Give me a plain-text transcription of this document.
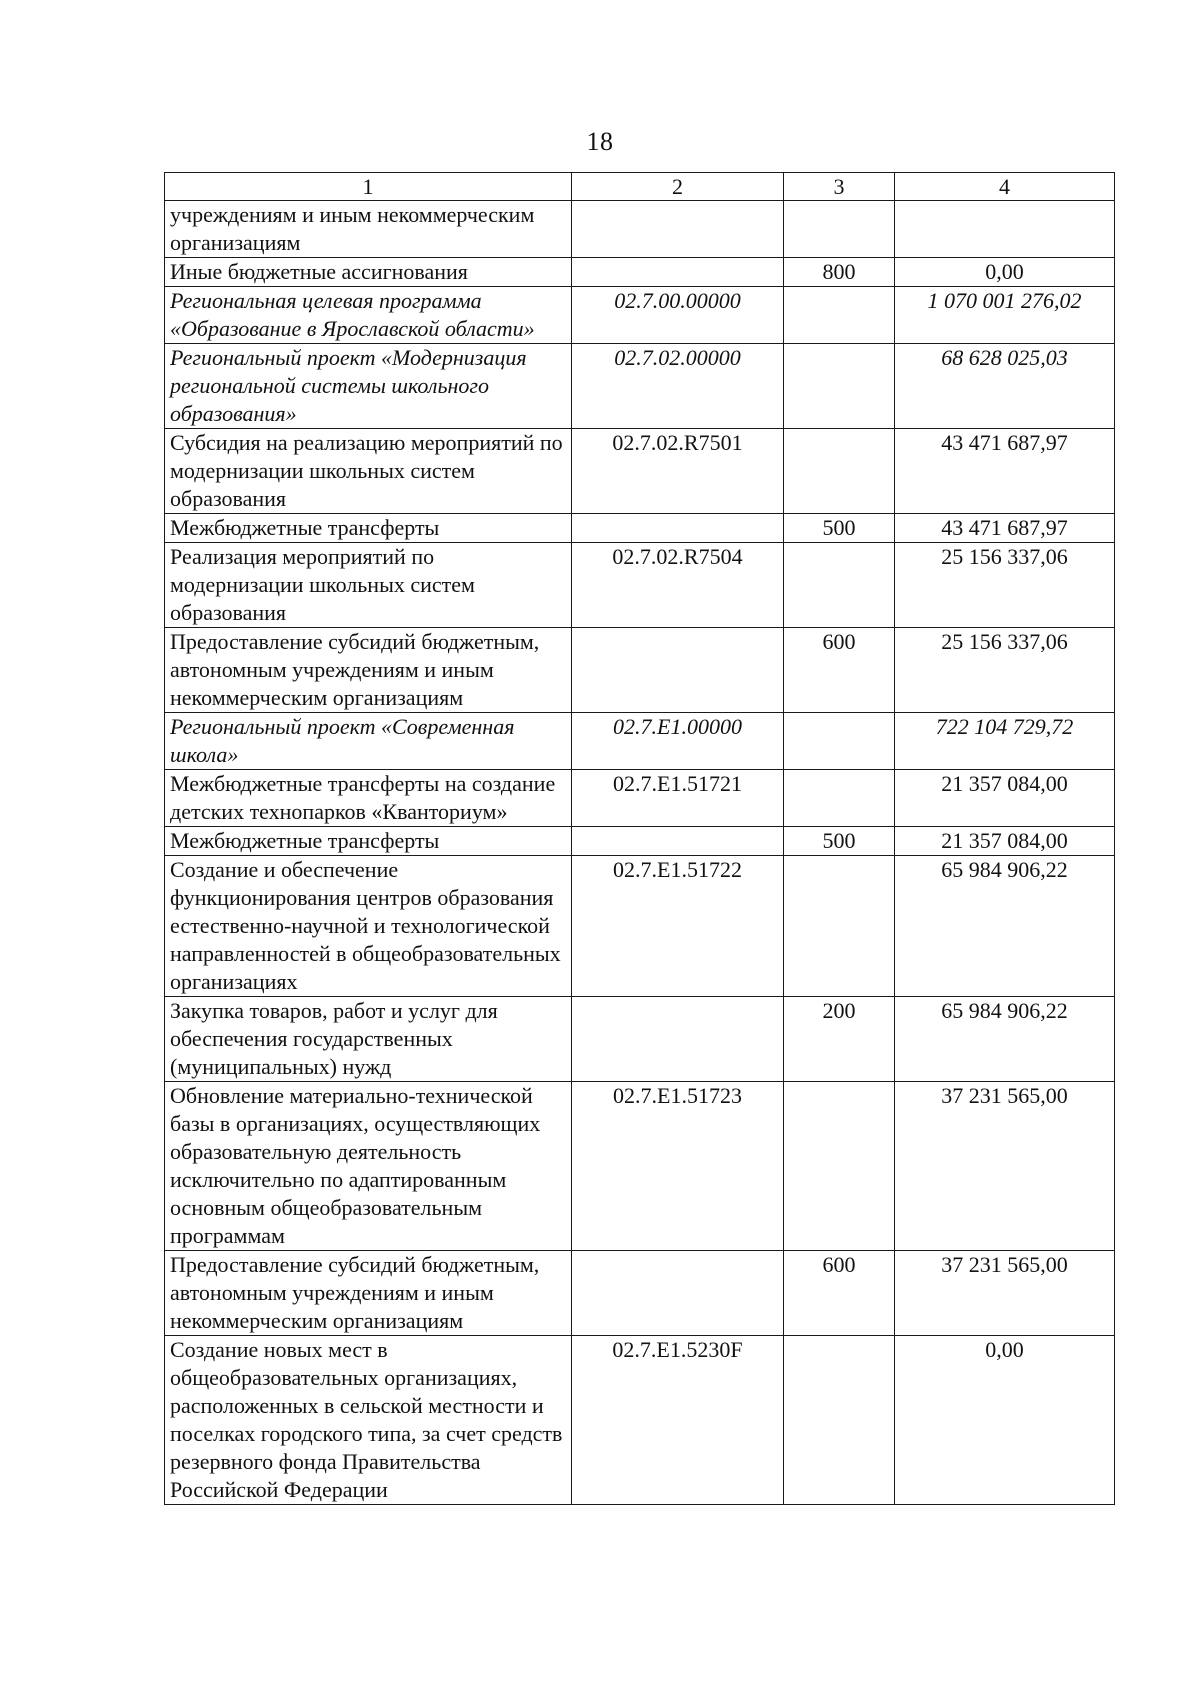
18
1	2	3	4
учреждениям и иным некоммерческим организациям			
Иные бюджетные ассигнования		800	0,00
Региональная целевая программа «Образование в Ярославской области»	02.7.00.00000		1 070 001 276,02
Региональный проект «Модернизация региональной системы школьного образования»	02.7.02.00000		68 628 025,03
Субсидия на реализацию мероприятий по модернизации школьных систем образования	02.7.02.R7501		43 471 687,97
Межбюджетные трансферты		500	43 471 687,97
Реализация мероприятий по модернизации школьных систем образования	02.7.02.R7504		25 156 337,06
Предоставление субсидий бюджетным, автономным учреждениям и иным некоммерческим организациям		600	25 156 337,06
Региональный проект «Современная школа»	02.7.E1.00000		722 104 729,72
Межбюджетные трансферты на создание детских технопарков «Кванториум»	02.7.E1.51721		21 357 084,00
Межбюджетные трансферты		500	21 357 084,00
Создание и обеспечение функционирования центров образования естественно-научной и технологической направленностей в общеобразовательных организациях	02.7.E1.51722		65 984 906,22
Закупка товаров, работ и услуг для обеспечения государственных (муниципальных) нужд		200	65 984 906,22
Обновление материально-технической базы в организациях, осуществляющих образовательную деятельность исключительно по адаптированным основным общеобразовательным программам	02.7.E1.51723		37 231 565,00
Предоставление субсидий бюджетным, автономным учреждениям и иным некоммерческим организациям		600	37 231 565,00
Создание новых мест в общеобразовательных организациях, расположенных в сельской местности и поселках городского типа, за счет средств резервного фонда Правительства Российской Федерации	02.7.E1.5230F		0,00
